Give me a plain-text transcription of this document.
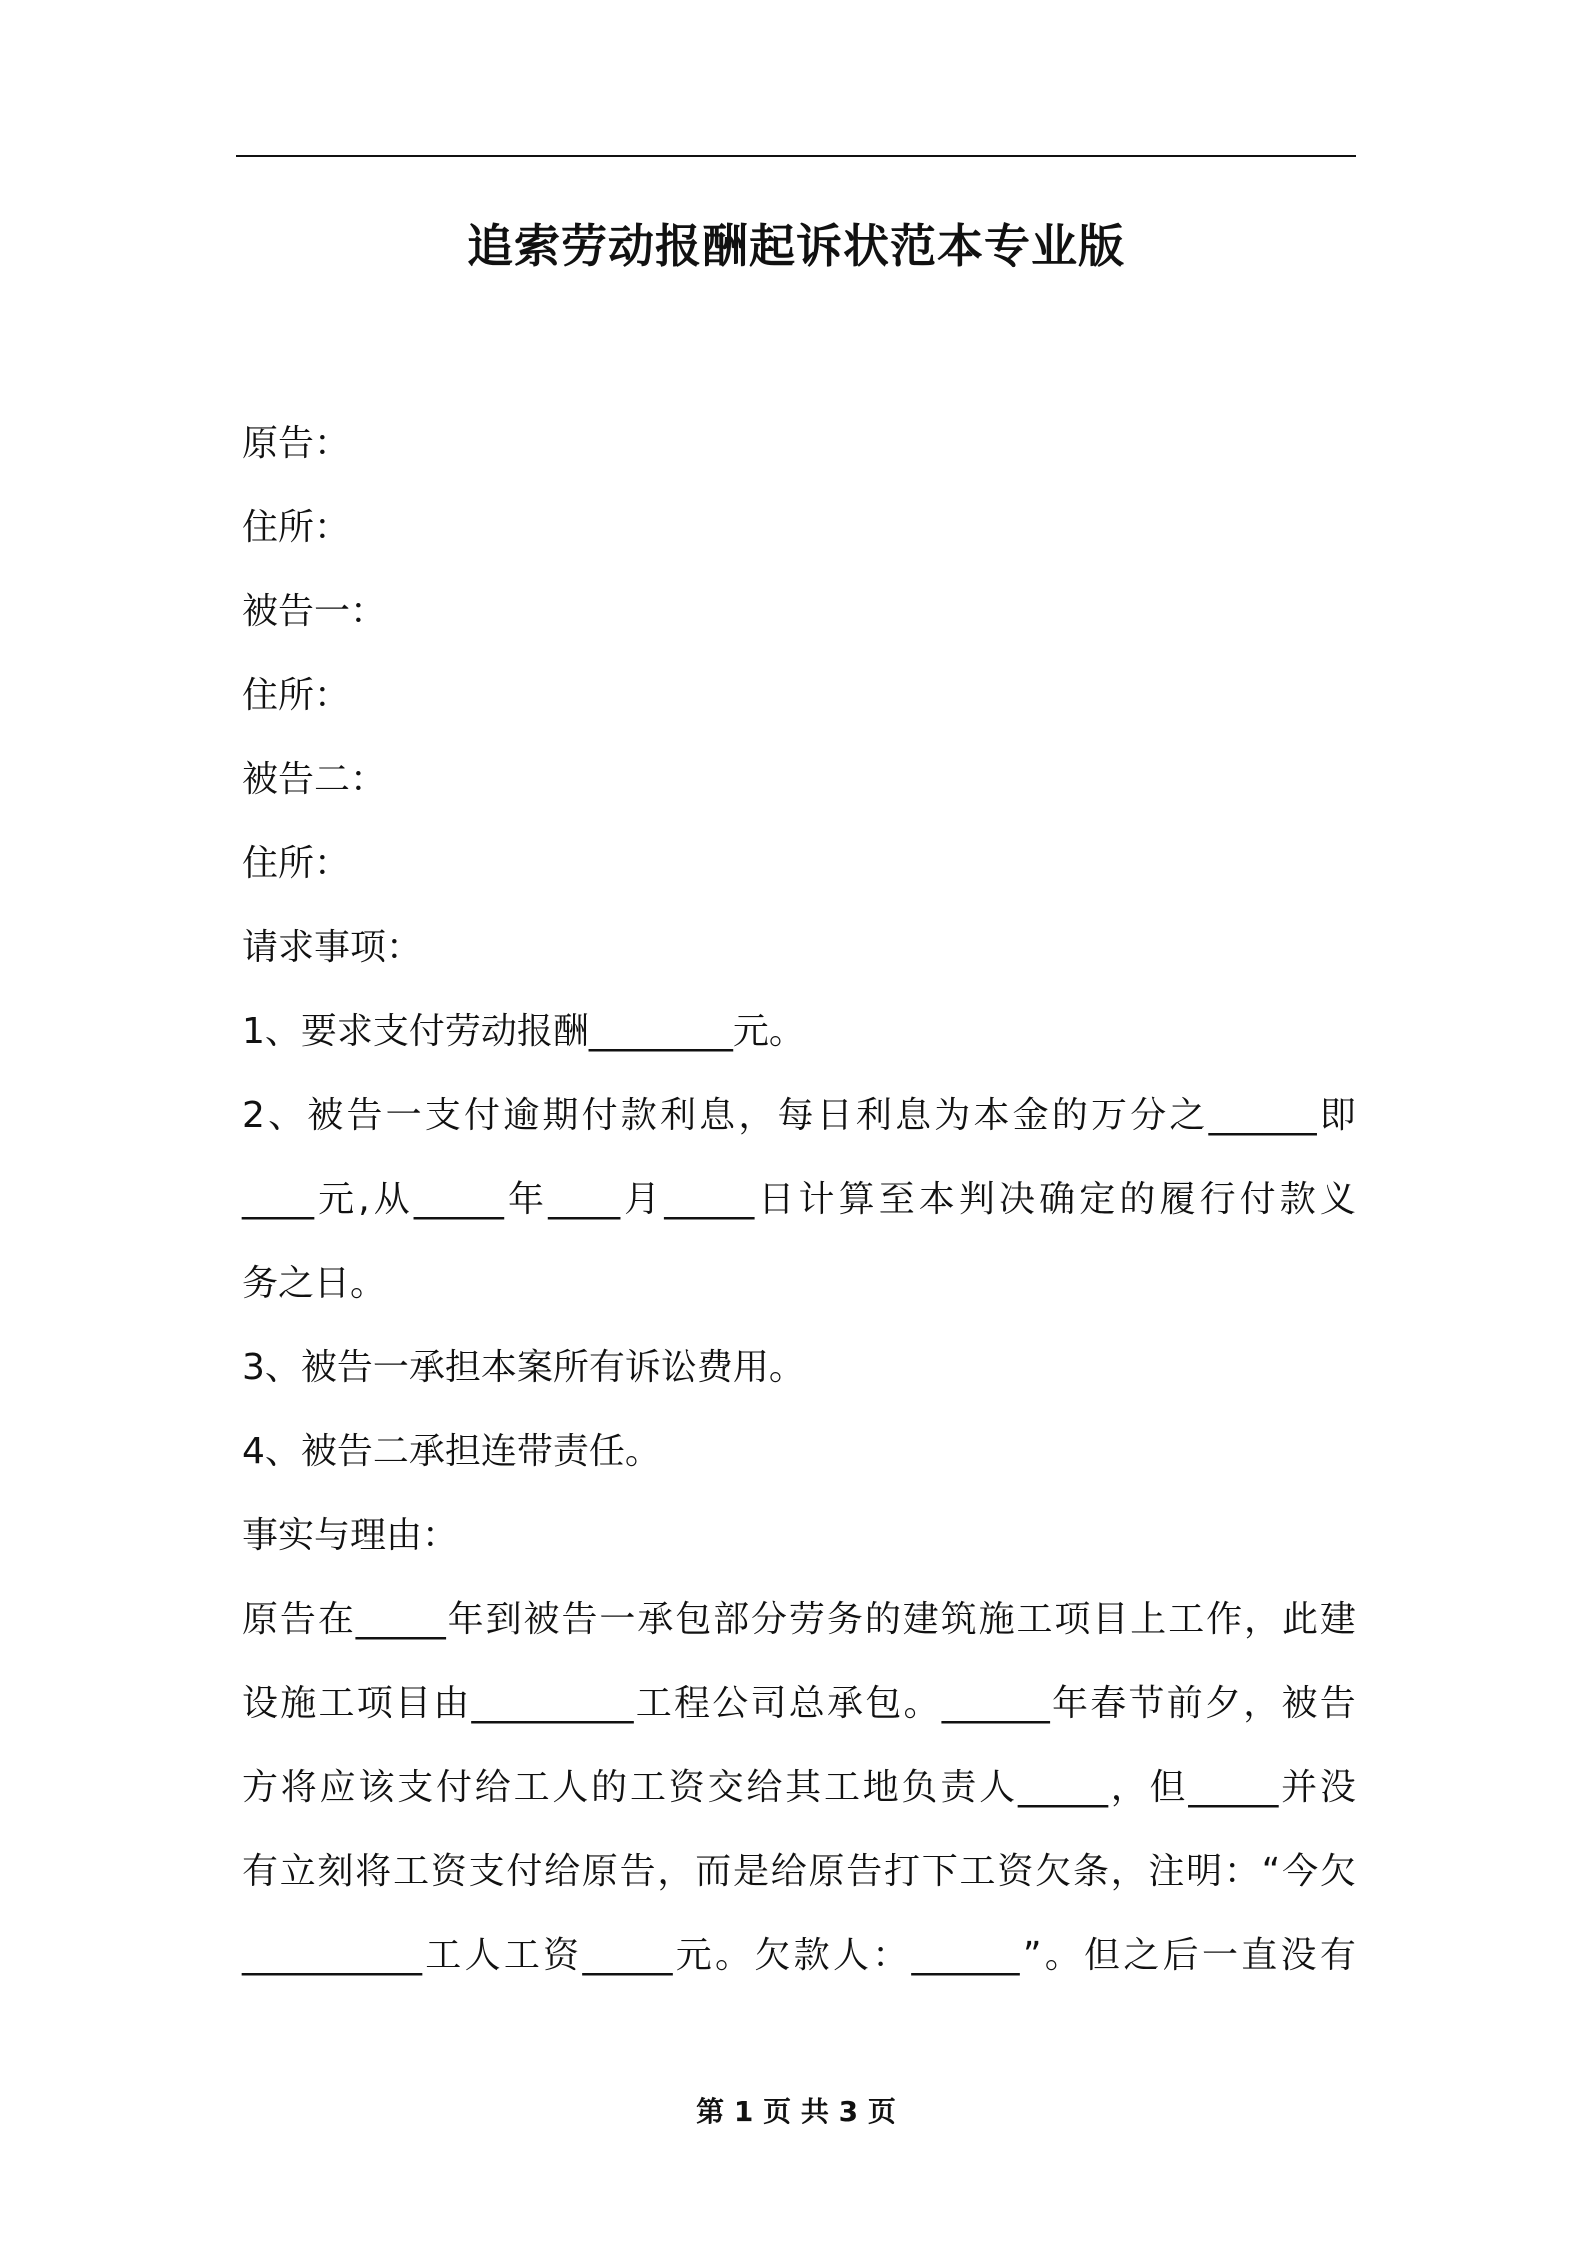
追索劳动报酬起诉状范本专业版

原告：

住所：

被告一：

住所：

被告二：

住所：

请求事项：

1、要求支付劳动报酬________元。

2 、 被 告 一 支 付 逾 期 付 款 利 息 ， 每 日 利 息 为 本 金 的 万 分 之 ______ 即

____ 元 , 从 _____ 年 ____ 月 _____ 日 计 算 至 本 判 决 确 定 的 履 行 付 款 义

务之日。

3、被告一承担本案所有诉讼费用。

4、被告二承担连带责任。

事实与理由：

原 告 在 _____ 年 到 被 告 一 承 包 部 分 劳 务 的 建 筑 施 工 项 目 上 工 作 ， 此 建

设 施 工 项 目 由 _________ 工 程 公 司 总 承 包 。 ______ 年 春 节 前 夕 ， 被 告

方 将 应 该 支 付 给 工 人 的 工 资 交 给 其 工 地 负 责 人 _____ ， 但 _____ 并 没

有 立 刻 将 工 资 支 付 给 原 告 ， 而 是 给 原 告 打 下 工 资 欠 条 ， 注 明 ： “ 今 欠

__________ 工 人 工 资 _____ 元 。 欠 款 人 ： ______ ” 。 但 之 后 一 直 没 有

第 1 页 共 3 页
